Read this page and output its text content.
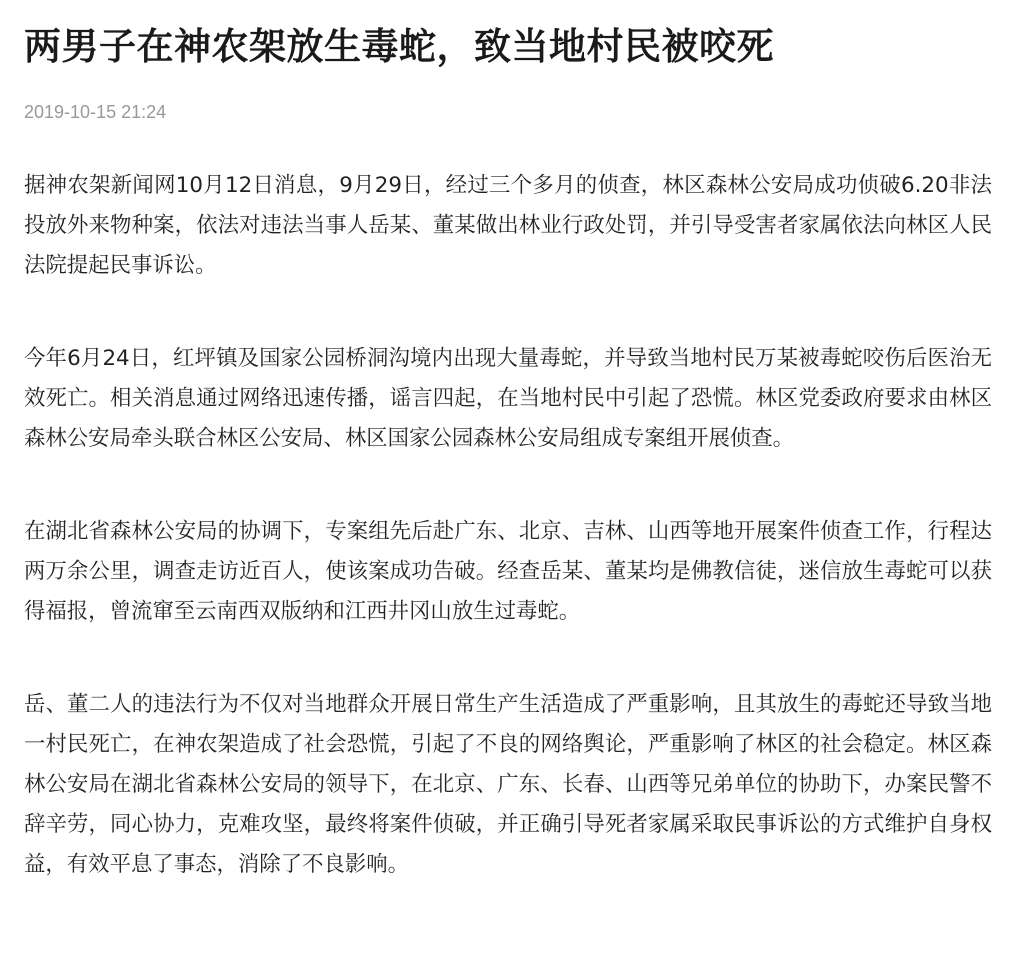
两男子在神农架放生毒蛇，致当地村民被咬死
2019-10-15 21:24

据神农架新闻网10月12日消息，9月29日，经过三个多月的侦查，林区森林公安局成功侦破6.20非法投放外来物种案，依法对违法当事人岳某、董某做出林业行政处罚，并引导受害者家属依法向林区人民法院提起民事诉讼。

今年6月24日，红坪镇及国家公园桥洞沟境内出现大量毒蛇，并导致当地村民万某被毒蛇咬伤后医治无效死亡。相关消息通过网络迅速传播，谣言四起，在当地村民中引起了恐慌。林区党委政府要求由林区森林公安局牵头联合林区公安局、林区国家公园森林公安局组成专案组开展侦查。

在湖北省森林公安局的协调下，专案组先后赴广东、北京、吉林、山西等地开展案件侦查工作，行程达两万余公里，调查走访近百人，使该案成功告破。经查岳某、董某均是佛教信徒，迷信放生毒蛇可以获得福报，曾流窜至云南西双版纳和江西井冈山放生过毒蛇。

岳、董二人的违法行为不仅对当地群众开展日常生产生活造成了严重影响，且其放生的毒蛇还导致当地一村民死亡，在神农架造成了社会恐慌，引起了不良的网络舆论，严重影响了林区的社会稳定。林区森林公安局在湖北省森林公安局的领导下，在北京、广东、长春、山西等兄弟单位的协助下，办案民警不辞辛劳，同心协力，克难攻坚，最终将案件侦破，并正确引导死者家属采取民事诉讼的方式维护自身权益，有效平息了事态，消除了不良影响。
